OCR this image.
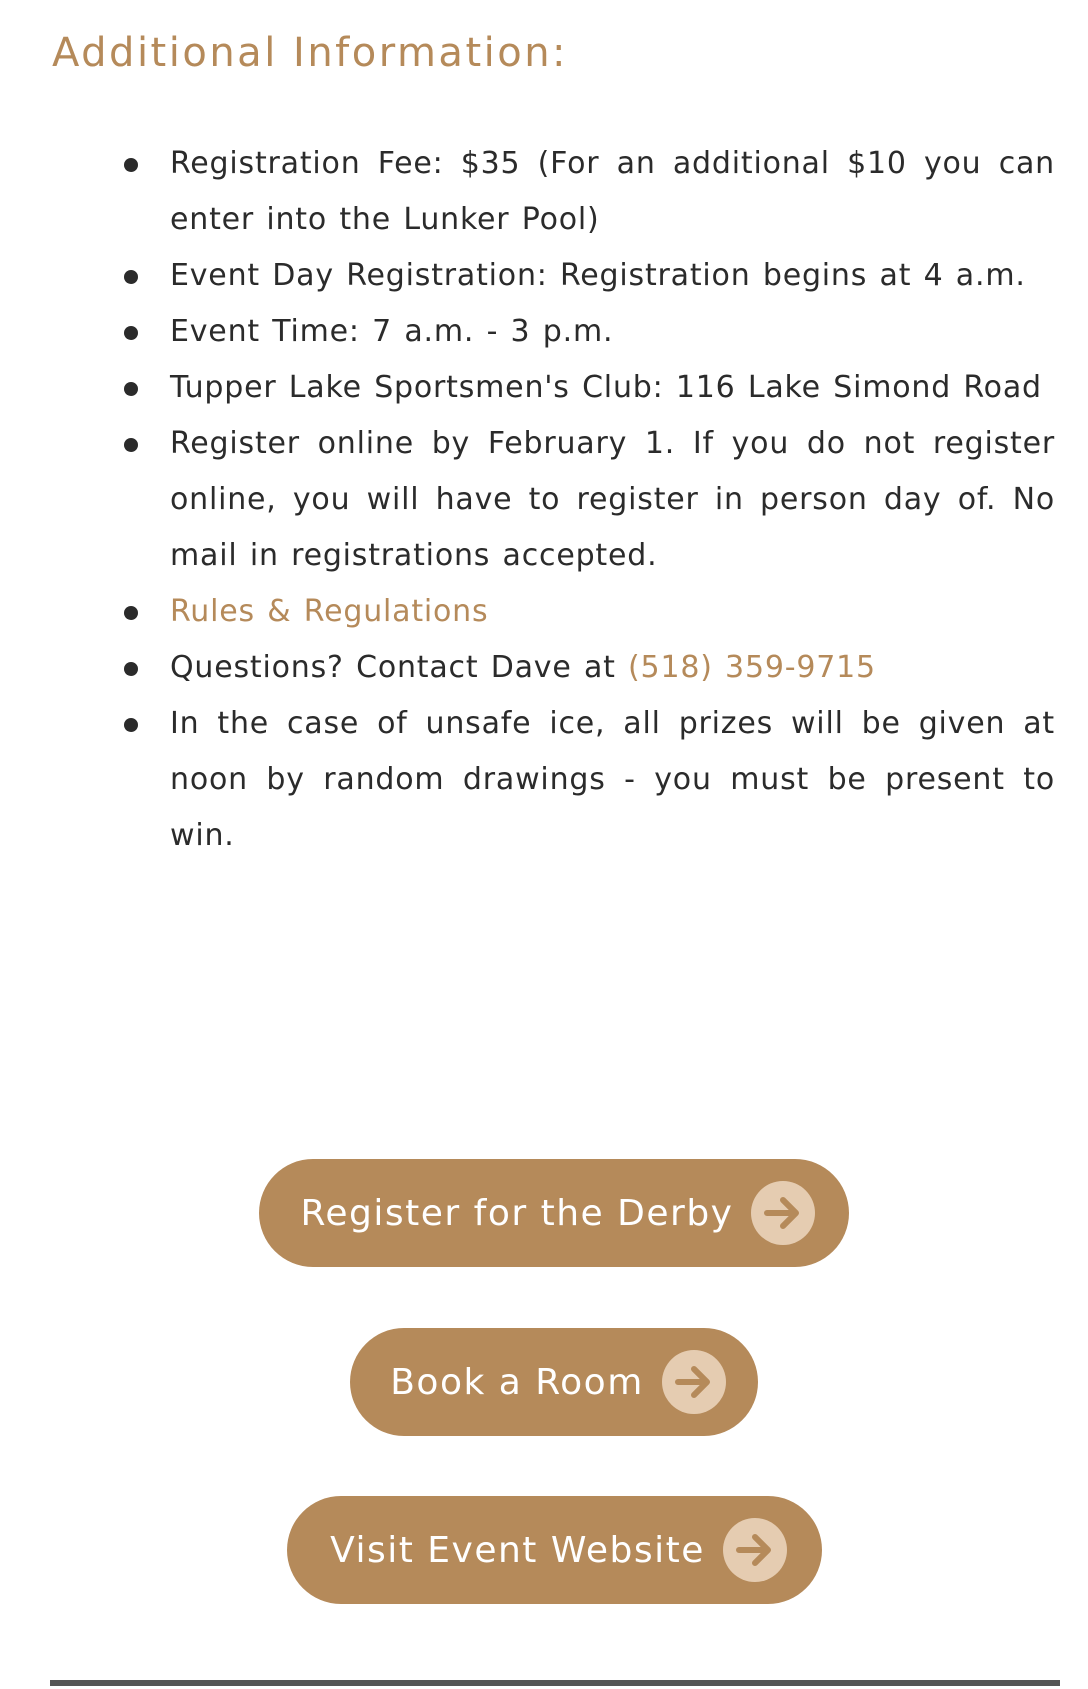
Additional Information:
Registration Fee: $35 (For an additional $10 you can enter into the Lunker Pool)
Event Day Registration: Registration begins at 4 a.m.
Event Time: 7 a.m. - 3 p.m.
Tupper Lake Sportsmen's Club: 116 Lake Simond Road
Register online by February 1. If you do not register online, you will have to register in person day of. No mail in registrations accepted.
Rules & Regulations
Questions? Contact Dave at (518) 359-9715
In the case of unsafe ice, all prizes will be given at noon by random drawings - you must be present to win.
Register for the Derby
Book a Room
Visit Event Website
